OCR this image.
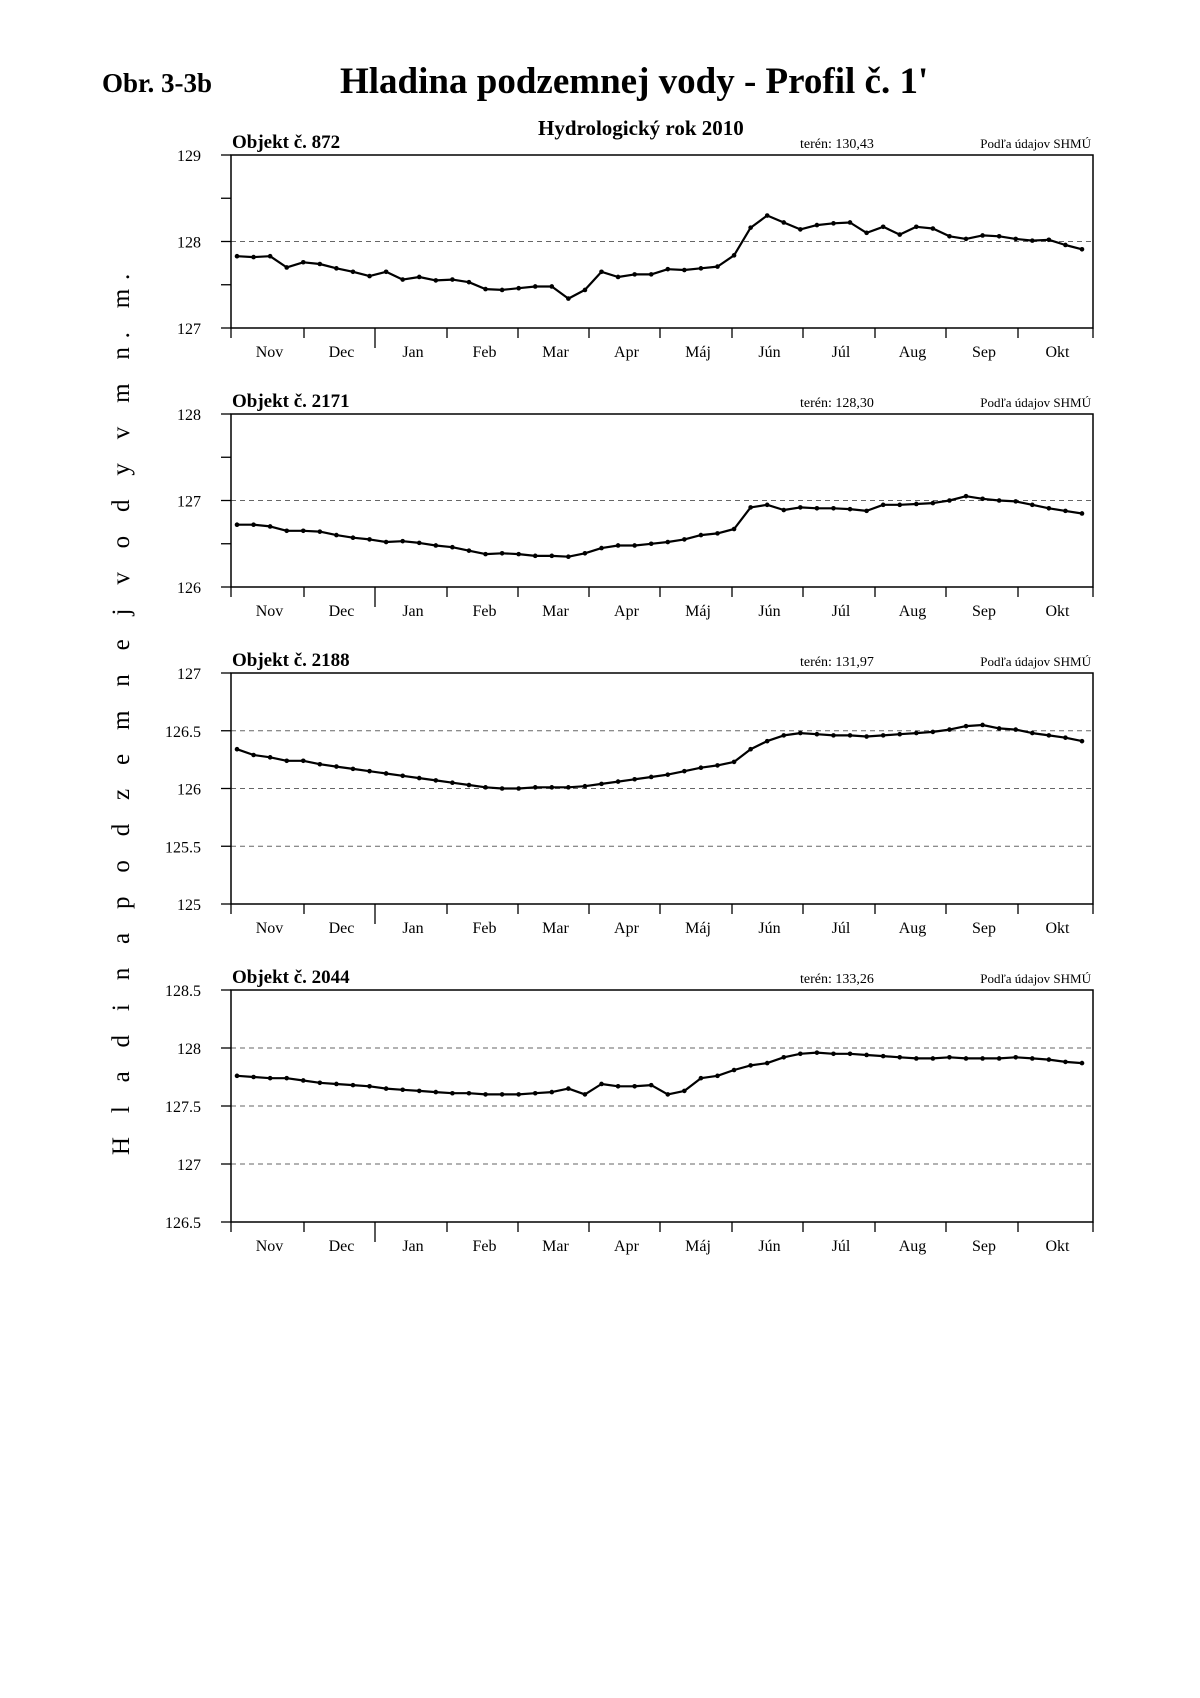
Obr. 3-3b	Hladina podzemnej vody - Profil č. 1'
Hydrologický rok 2010
H l a d i n a p o d z e m n e j v o d y v m n. m.	127
128
129
Nov	Dec	Jan	Feb	Mar	Apr	Máj	Jún	Júl	Aug	Sep	Okt
Objekt č. 872	terén: 130,43	Podľa údajov SHMÚ
126
127
128
Nov	Dec	Jan	Feb	Mar	Apr	Máj	Jún	Júl	Aug	Sep	Okt
Objekt č. 2171	terén: 128,30	Podľa údajov SHMÚ
125
125.5
126
126.5
127
Nov	Dec	Jan	Feb	Mar	Apr	Máj	Jún	Júl	Aug	Sep	Okt
Objekt č. 2188	terén: 131,97	Podľa údajov SHMÚ
126.5
127
127.5
128
128.5
Nov	Dec	Jan	Feb	Mar	Apr	Máj	Jún	Júl	Aug	Sep	Okt
Objekt č. 2044	terén: 133,26	Podľa údajov SHMÚ
